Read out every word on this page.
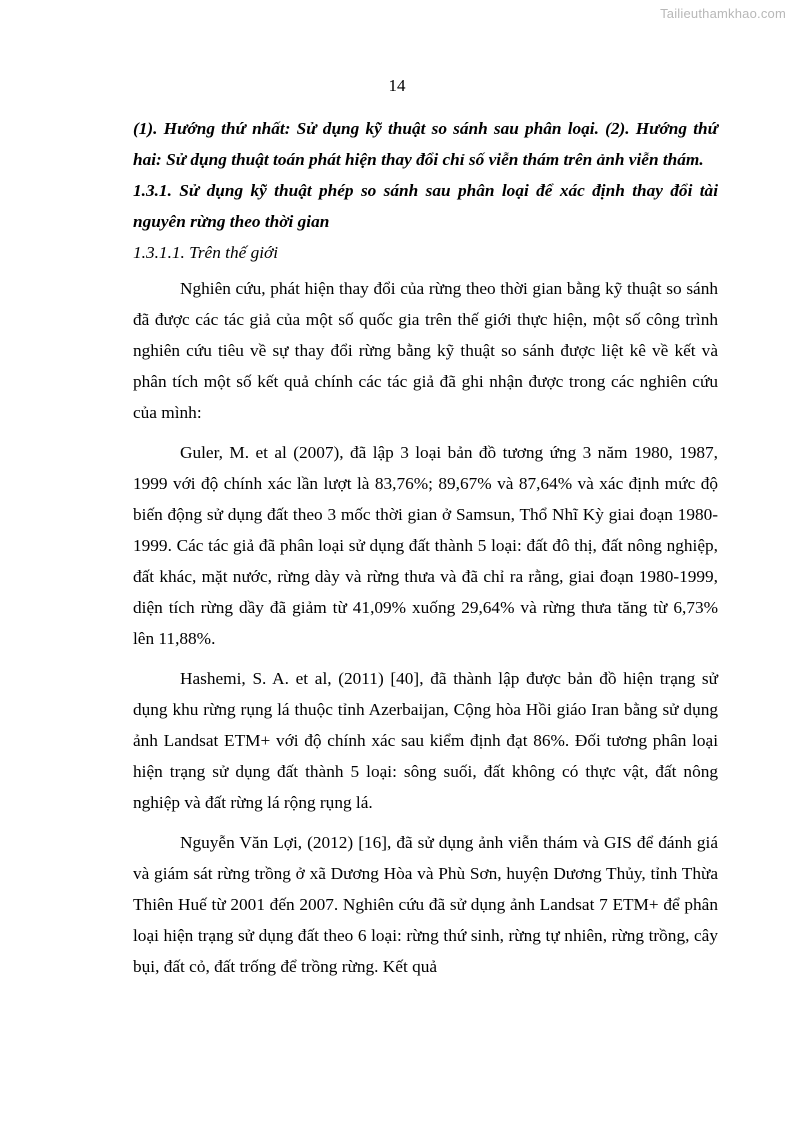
Tailieuthamkhao.com
14

(1). Hướng thứ nhất: Sử dụng kỹ thuật so sánh sau phân loại. (2). Hướng thứ hai: Sử dụng thuật toán phát hiện thay đổi chỉ số viễn thám trên ảnh viễn thám.

1.3.1. Sử dụng kỹ thuật phép so sánh sau phân loại để xác định thay đổi tài nguyên rừng theo thời gian

1.3.1.1. Trên thế giới

Nghiên cứu, phát hiện thay đổi của rừng theo thời gian bằng kỹ thuật so sánh đã được các tác giả của một số quốc gia trên thế giới thực hiện, một số công trình nghiên cứu tiêu về sự thay đổi rừng bằng kỹ thuật so sánh được liệt kê về kết và phân tích một số kết quả chính các tác giả đã ghi nhận được trong các nghiên cứu của mình:

Guler, M. et al (2007), đã lập 3 loại bản đồ tương ứng 3 năm 1980, 1987, 1999 với độ chính xác lần lượt là 83,76%; 89,67% và 87,64% và xác định mức độ biến động sử dụng đất theo 3 mốc thời gian ở Samsun, Thổ Nhĩ Kỳ giai đoạn 1980-1999. Các tác giả đã phân loại sử dụng đất thành 5 loại: đất đô thị, đất nông nghiệp, đất khác, mặt nước, rừng dày và rừng thưa và đã chỉ ra rằng, giai đoạn 1980-1999, diện tích rừng dầy đã giảm từ 41,09% xuống 29,64% và rừng thưa tăng từ 6,73% lên 11,88%.

Hashemi, S. A. et al, (2011) [40], đã thành lập được bản đồ hiện trạng sử dụng khu rừng rụng lá thuộc tỉnh Azerbaijan, Cộng hòa Hồi giáo Iran bằng sử dụng ảnh Landsat ETM+ với độ chính xác sau kiểm định đạt 86%. Đối tương phân loại hiện trạng sử dụng đất thành 5 loại: sông suối, đất không có thực vật, đất nông nghiệp và đất rừng lá rộng rụng lá.

Nguyễn Văn Lợi, (2012) [16], đã sử dụng ảnh viễn thám và GIS để đánh giá và giám sát rừng trồng ở xã Dương Hòa và Phù Sơn, huyện Dương Thủy, tỉnh Thừa Thiên Huế từ 2001 đến 2007. Nghiên cứu đã sử dụng ảnh Landsat 7 ETM+ để phân loại hiện trạng sử dụng đất theo 6 loại: rừng thứ sinh, rừng tự nhiên, rừng trồng, cây bụi, đất cỏ, đất trống để trồng rừng. Kết quả
